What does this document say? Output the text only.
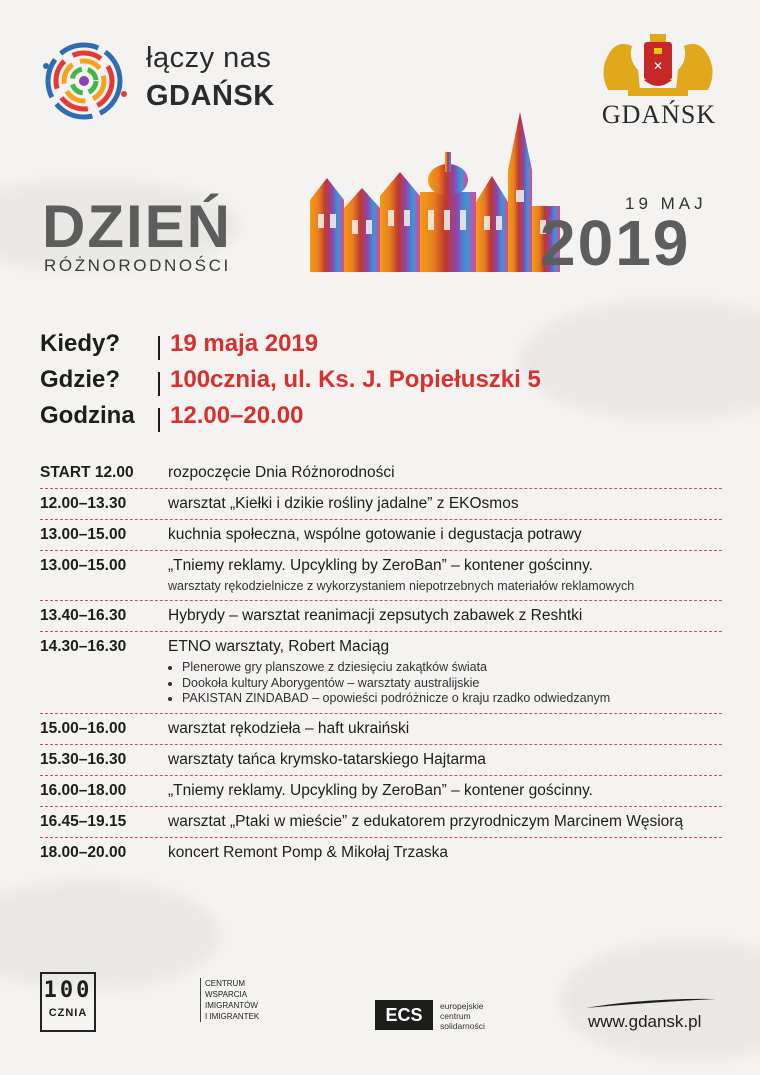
łączy nas
GDAŃSK
✕
GDAŃSK
DZIEŃ
RÓŻNORODNOŚCI
19 MAJ
2019
Kiedy?	19 maja 2019
Gdzie?	100cznia, ul. Ks. J. Popiełuszki 5
Godzina	12.00–20.00
START 12.00	rozpoczęcie Dnia Różnorodności
12.00–13.30	warsztat „Kiełki i dzikie rośliny jadalne” z EKOsmos
13.00–15.00	kuchnia społeczna, wspólne gotowanie i degustacja potrawy
13.00–15.00	„Tniemy reklamy. Upcykling by ZeroBan” – kontener gościnny.
warsztaty rękodzielnicze z wykorzystaniem niepotrzebnych materiałów reklamowych
13.40–16.30	Hybrydy – warsztat reanimacji zepsutych zabawek z Reshtki
14.30–16.30	ETNO warsztaty, Robert Maciąg
• Plenerowe gry planszowe z dziesięciu zakątków świata
• Dookoła kultury Aborygentów – warsztaty australijskie
• PAKISTAN ZINDABAD – opowieści podróżnicze o kraju rzadko odwiedzanym
15.00–16.00	warsztat rękodzieła – haft ukraiński
15.30–16.30	warsztaty tańca krymsko-tatarskiego Hajtarma
16.00–18.00	„Tniemy reklamy. Upcykling by ZeroBan” – kontener gościnny.
16.45–19.15	warsztat „Ptaki w mieście” z edukatorem przyrodniczym Marcinem Węsiorą
18.00–20.00	koncert Remont Pomp & Mikołaj Trzaska
100
CZNIA
CENTRUM
WSPARCIA
IMIGRANTÓW
I IMIGRANTEK	ECS	europejskie
centrum
solidarności	www.gdansk.pl
